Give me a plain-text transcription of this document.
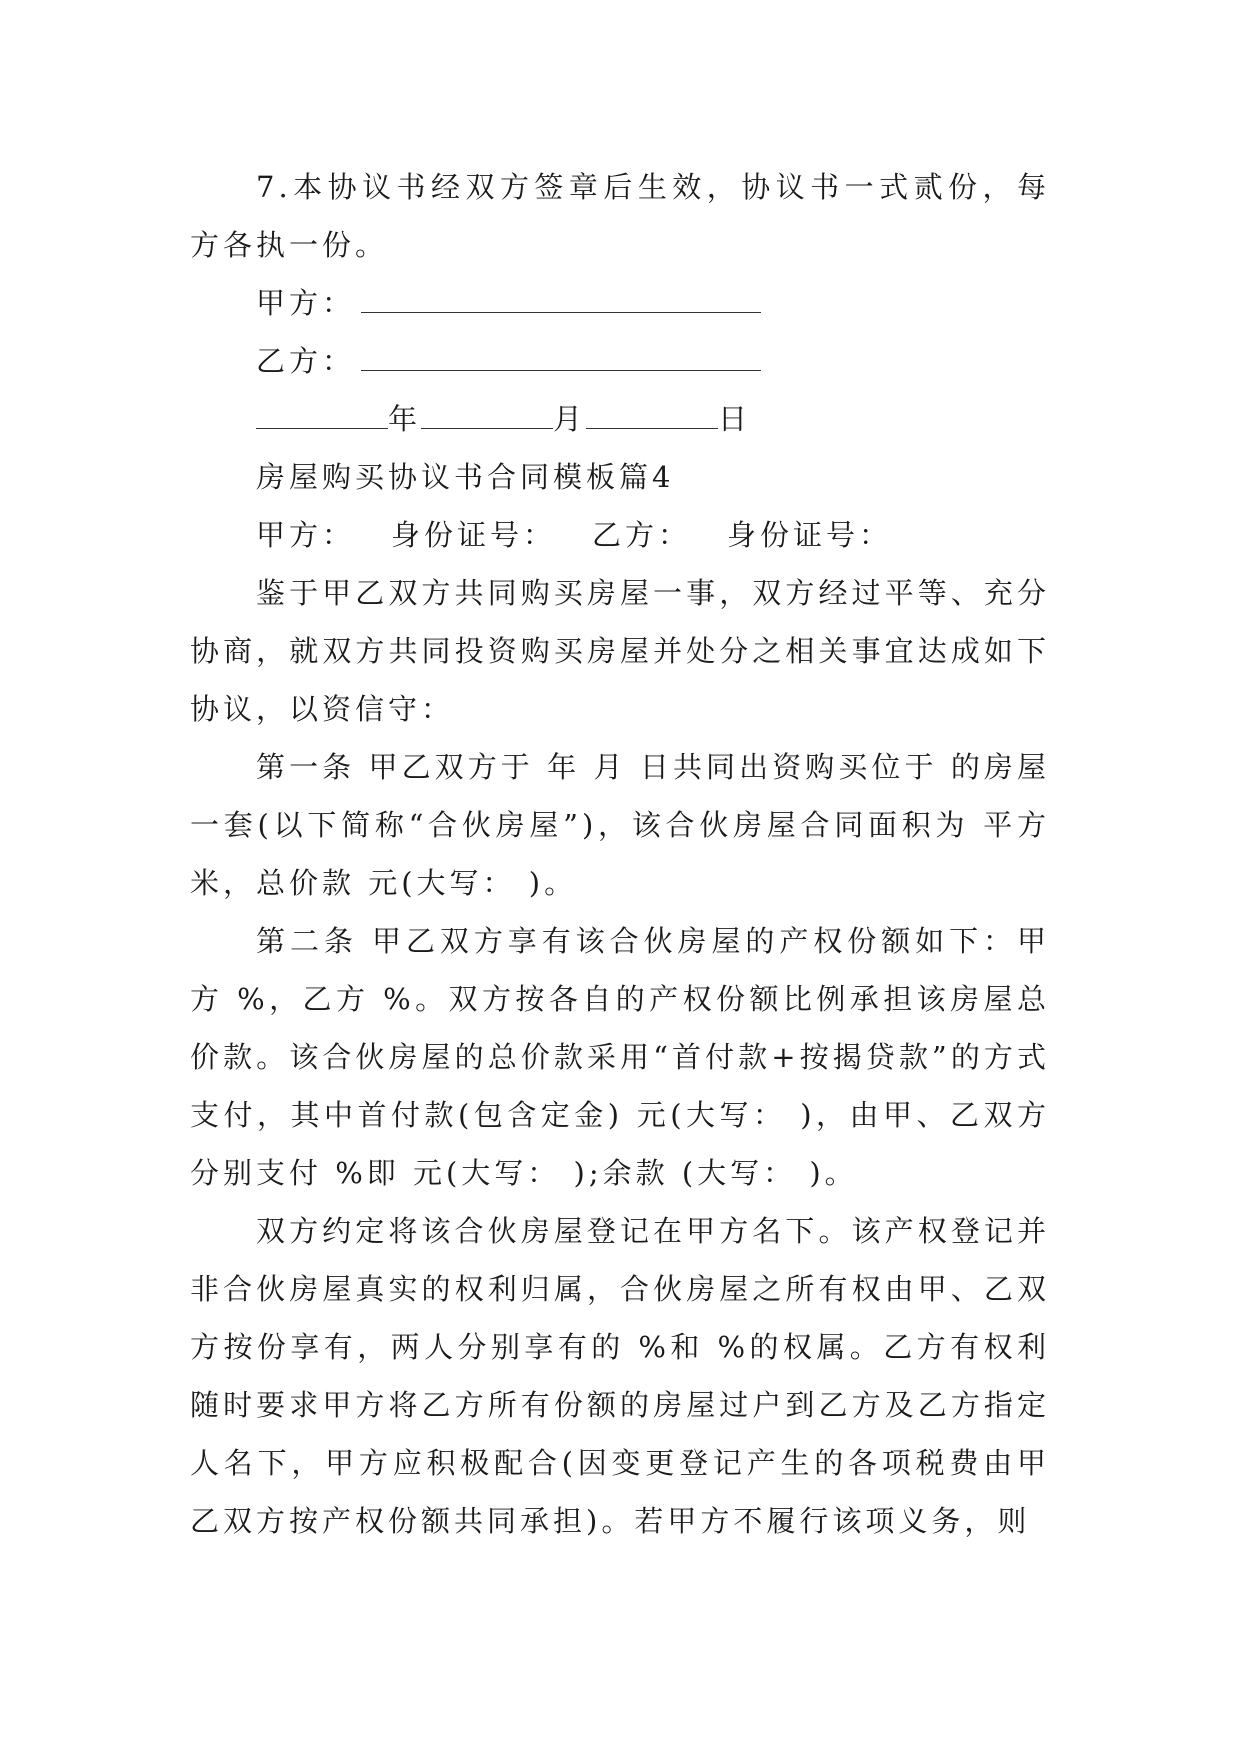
7.本协议书经双方签章后生效，协议书一式贰份，每方各执一份。

甲方：

乙方：

年	月	日

房屋购买协议书合同模板篇4

甲方： 身份证号： 乙方： 身份证号：

鉴于甲乙双方共同购买房屋一事，双方经过平等、充分协商，就双方共同投资购买房屋并处分之相关事宜达成如下协议，以资信守：

第一条 甲乙双方于 年 月 日共同出资购买位于 的房屋一套(以下简称“合伙房屋”)，该合伙房屋合同面积为 平方米，总价款 元(大写： )。

第二条 甲乙双方享有该合伙房屋的产权份额如下：甲方 %，乙方 %。双方按各自的产权份额比例承担该房屋总价款。该合伙房屋的总价款采用“首付款+按揭贷款”的方式支付，其中首付款(包含定金) 元(大写： )，由甲、乙双方分别支付 %即 元(大写： );余款 (大写： )。

双方约定将该合伙房屋登记在甲方名下。该产权登记并非合伙房屋真实的权利归属，合伙房屋之所有权由甲、乙双方按份享有，两人分别享有的 %和 %的权属。乙方有权利随时要求甲方将乙方所有份额的房屋过户到乙方及乙方指定人名下，甲方应积极配合(因变更登记产生的各项税费由甲乙双方按产权份额共同承担)。若甲方不履行该项义务，则
